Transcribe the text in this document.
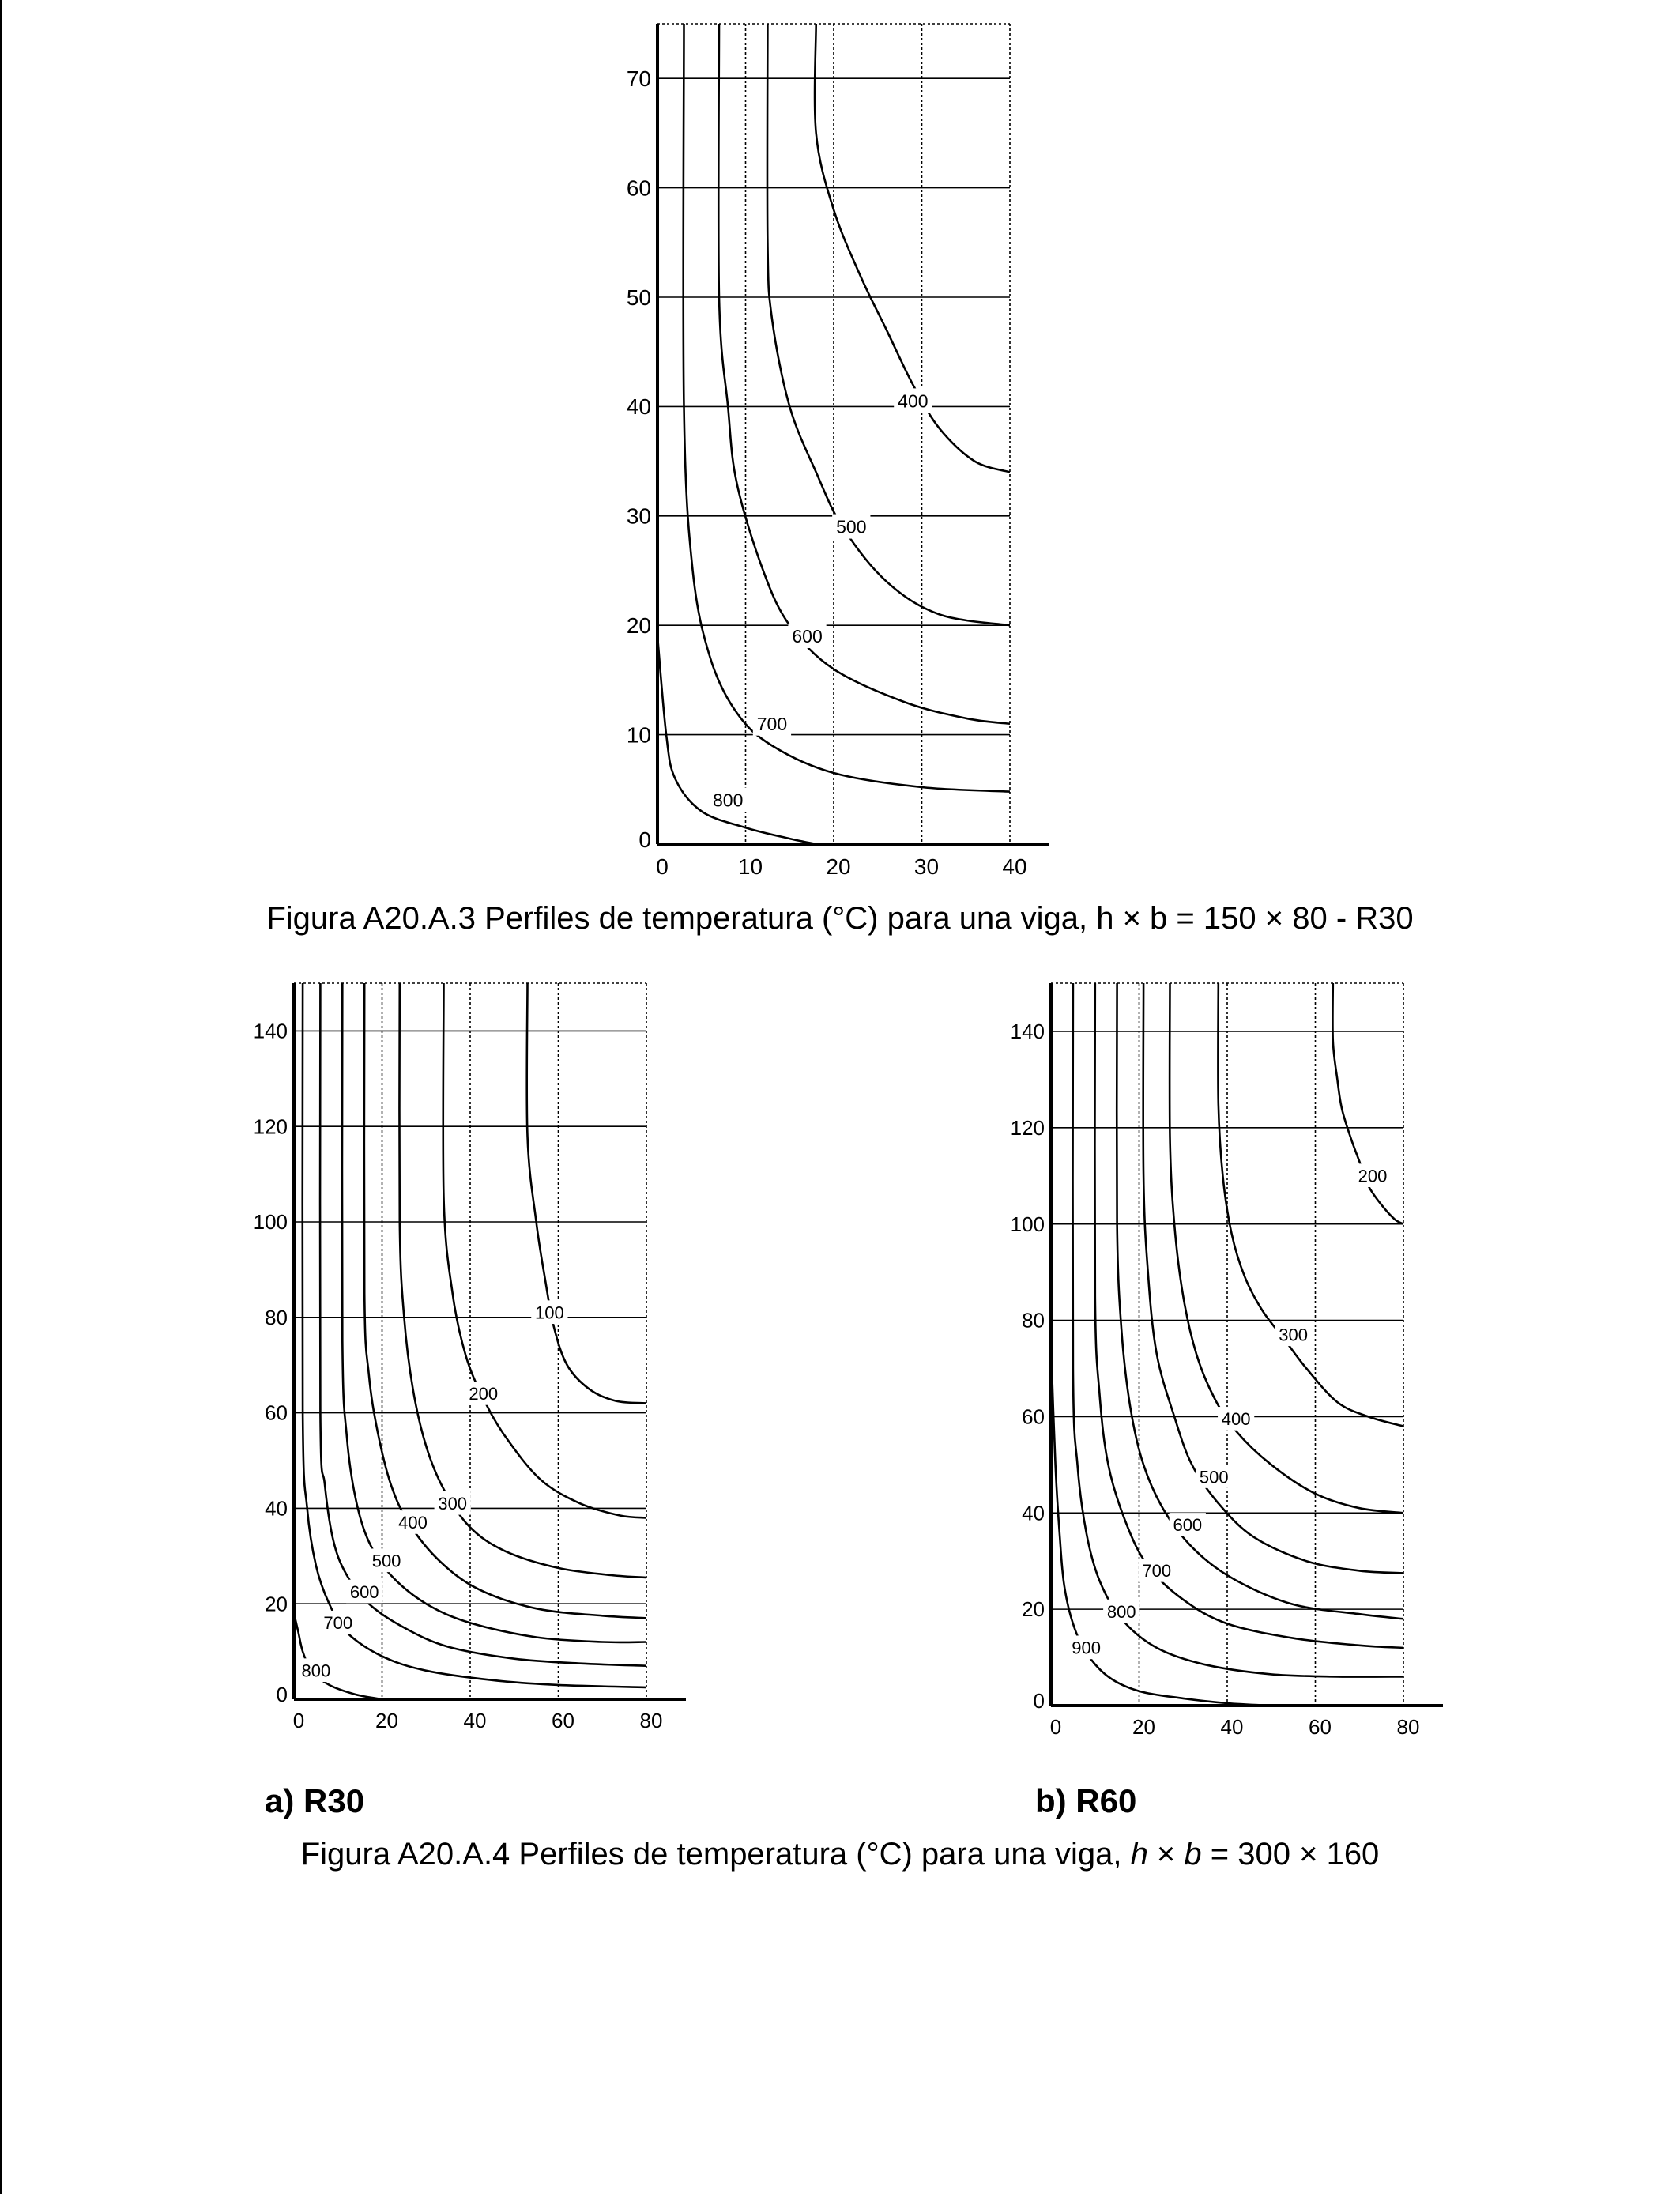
0	10	20	30	40
0
10
20
30
40
50
60
70
800
700
600
500
400
0	20	40	60	80
0
20
40
60
80
100
120
140
800
700
600
500
400
300
200
100
0	20	40	60	80
0
20
40
60
80
100
120
140
900
800
700
600
500
400
300
200
Figura A20.A.3 Perfiles de temperatura (°C) para una viga, h × b = 150 × 80 - R30
a) R30	b) R60
Figura A20.A.4 Perfiles de temperatura (°C) para una viga, h × b = 300 × 160
